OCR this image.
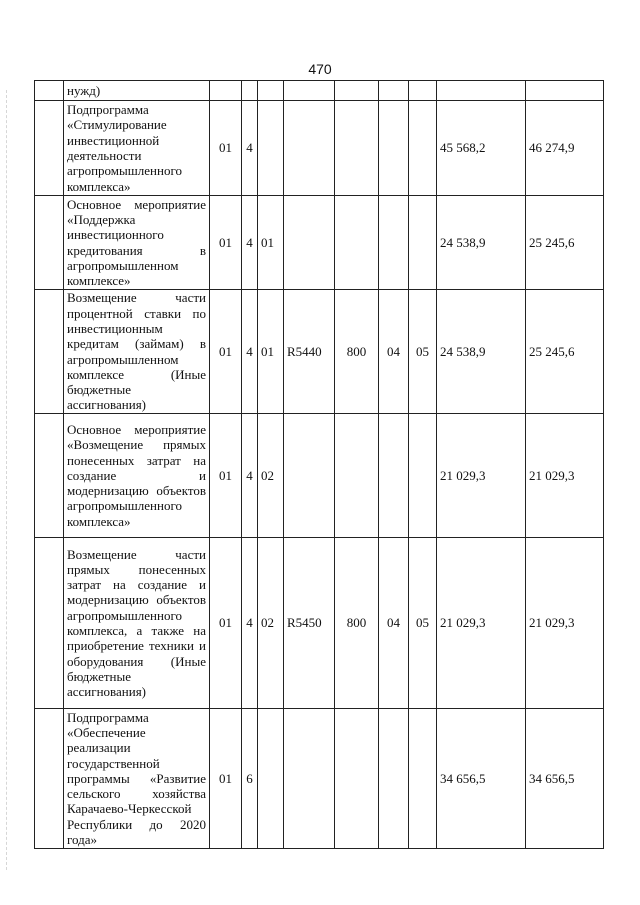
470
	нужд)									
	Подпрограмма «Стимулирование инвестиционной деятельности агропромышленного комплекса»	01	4						45 568,2	46 274,9
	Основное мероприятие «Поддержка инвестиционного кредитования в агропромышленном комплексе»	01	4	01					24 538,9	25 245,6
	Возмещение части процентной ставки по инвестиционным кредитам (займам) в агропромышленном комплексе (Иные бюджетные ассигнования)	01	4	01	R5440	800	04	05	24 538,9	25 245,6
	Основное мероприятие «Возмещение прямых понесенных затрат на создание и модернизацию объектов агропромышленного комплекса»	01	4	02					21 029,3	21 029,3
	Возмещение части прямых понесенных затрат на создание и модернизацию объектов агропромышленного комплекса, а также на приобретение техники и оборудования (Иные бюджетные ассигнования)	01	4	02	R5450	800	04	05	21 029,3	21 029,3
	Подпрограмма «Обеспечение реализации государственной программы «Развитие сельского хозяйства Карачаево-Черкесской Республики до 2020 года»	01	6						34 656,5	34 656,5
